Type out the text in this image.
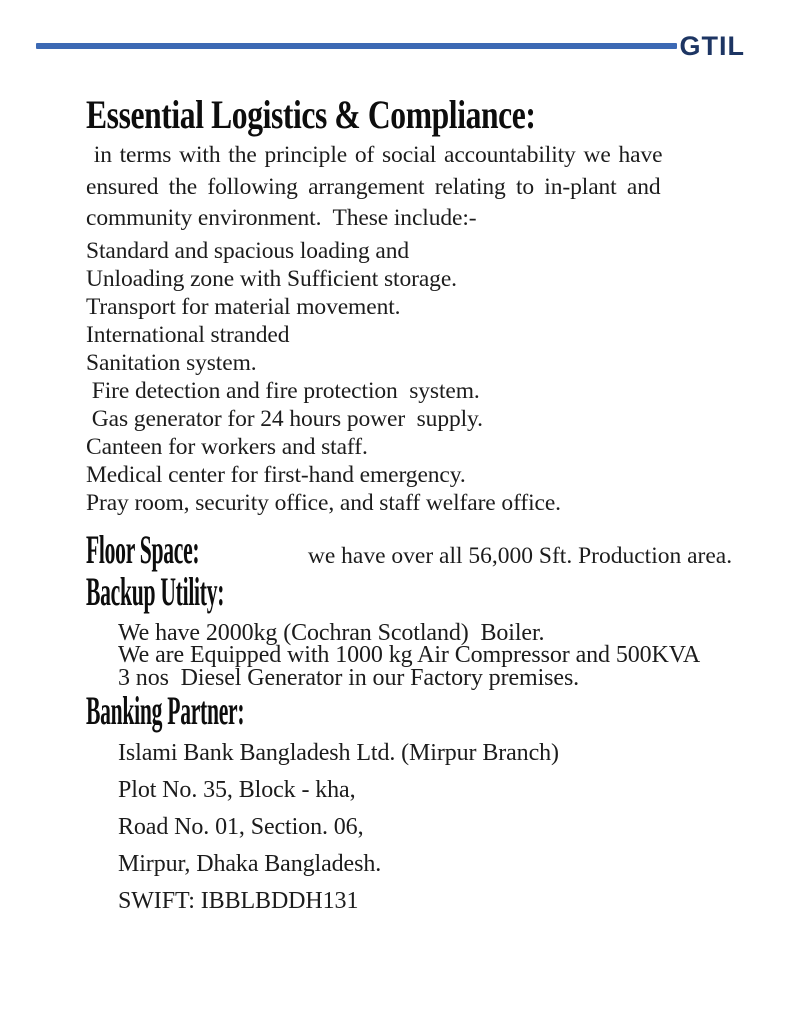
GTIL
Essential Logistics & Compliance:
in terms with the principle of social accountability we have
ensured the following arrangement relating to in-plant and
community environment.  These include:-
Standard and spacious loading and
Unloading zone with Sufficient storage.
Transport for material movement.
International stranded
Sanitation system.
Fire detection and fire protection  system.
Gas generator for 24 hours power  supply.
Canteen for workers and staff.
Medical center for first-hand emergency.
Pray room, security office, and staff welfare office.
Floor Space:	we have over all 56,000 Sft. Production area.
Backup Utility:
We have 2000kg (Cochran Scotland)  Boiler.
We are Equipped with 1000 kg Air Compressor and 500KVA
3 nos  Diesel Generator in our Factory premises.
Banking Partner:
Islami Bank Bangladesh Ltd. (Mirpur Branch)
Plot No. 35, Block - kha,
Road No. 01, Section. 06,
Mirpur, Dhaka Bangladesh.
SWIFT: IBBLBDDH131
